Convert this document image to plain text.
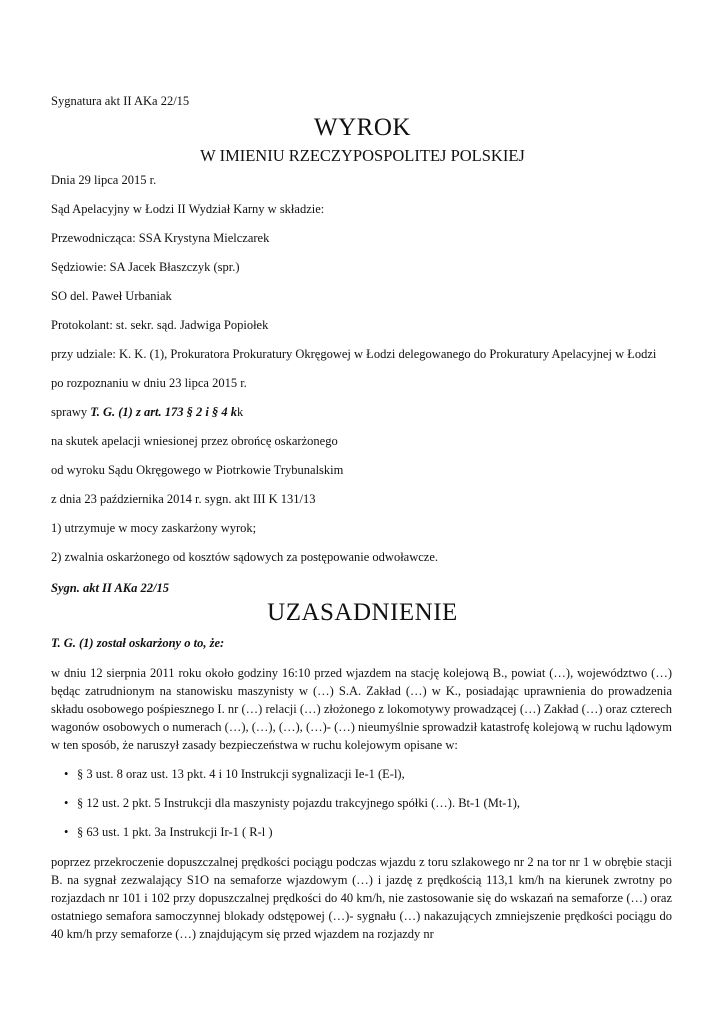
Sygnatura akt II AKa 22/15
WYROK
W IMIENIU RZECZYPOSPOLITEJ POLSKIEJ
Dnia 29 lipca 2015 r.
Sąd Apelacyjny w Łodzi II Wydział Karny w składzie:
Przewodnicząca: SSA Krystyna Mielczarek
Sędziowie: SA Jacek Błaszczyk (spr.)
SO del. Paweł Urbaniak
Protokolant: st. sekr. sąd. Jadwiga Popiołek
przy udziale: K. K. (1), Prokuratora Prokuratury Okręgowej w Łodzi delegowanego do Prokuratury Apelacyjnej w Łodzi
po rozpoznaniu w dniu 23 lipca 2015 r.
sprawy T. G. (1) z art. 173 § 2 i § 4 kk
na skutek apelacji wniesionej przez obrońcę oskarżonego
od wyroku Sądu Okręgowego w Piotrkowie Trybunalskim
z dnia 23 października 2014 r. sygn. akt III K 131/13
1) utrzymuje w mocy zaskarżony wyrok;
2) zwalnia oskarżonego od kosztów sądowych za postępowanie odwoławcze.
Sygn. akt II AKa 22/15
UZASADNIENIE
T. G. (1) został oskarżony o to, że:
w dniu 12 sierpnia 2011 roku około godziny 16:10 przed wjazdem na stację kolejową B., powiat (…), województwo (…) będąc zatrudnionym na stanowisku maszynisty w (…) S.A. Zakład (…) w K., posiadając uprawnienia do prowadzenia składu osobowego pośpiesznego I. nr (…) relacji (…) złożonego z lokomotywy prowadzącej (…) Zakład (…) oraz czterech wagonów osobowych o numerach (…), (…), (…), (…)- (…) nieumyślnie sprowadził katastrofę kolejową w ruchu lądowym w ten sposób, że naruszył zasady bezpieczeństwa w ruchu kolejowym opisane w:
• § 3 ust. 8 oraz ust. 13 pkt. 4 i 10 Instrukcji sygnalizacji Ie-1 (E-l),
• § 12 ust. 2 pkt. 5 Instrukcji dla maszynisty pojazdu trakcyjnego spółki (…). Bt-1 (Mt-1),
• § 63 ust. 1 pkt. 3a Instrukcji Ir-1 ( R-l )
poprzez przekroczenie dopuszczalnej prędkości pociągu podczas wjazdu z toru szlakowego nr 2 na tor nr 1 w obrębie stacji B. na sygnał zezwalający S1O na semaforze wjazdowym (…) i jazdę z prędkością 113,1 km/h na kierunek zwrotny po rozjazdach nr 101 i 102 przy dopuszczalnej prędkości do 40 km/h, nie zastosowanie się do wskazań na semaforze (…) oraz ostatniego semafora samoczynnej blokady odstępowej (…)- sygnału (…) nakazujących zmniejszenie prędkości pociągu do 40 km/h przy semaforze (…) znajdującym się przed wjazdem na rozjazdy nr
